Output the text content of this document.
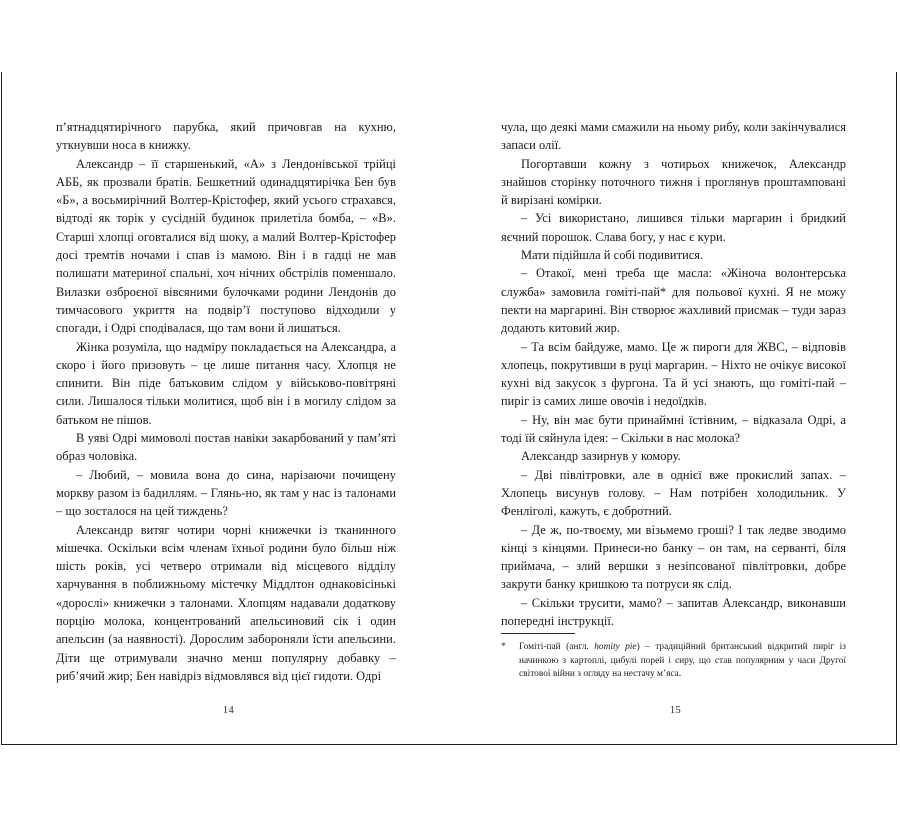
п’ятнадцятирічного парубка, який причовгав на кухню, уткнувши носа в книжку.

Александр – її старшенький, «А» з Лендонівської трійці АББ, як прозвали братів. Бешкетний одинадцятирічка Бен був «Б», а восьмирічний Волтер-Крістофер, який усього страхався, відтоді як торік у сусідній будинок прилетіла бомба, – «В». Старші хлопці оговталися від шоку, а малий Волтер-Крістофер досі тремтів ночами і спав із мамою. Він і в гадці не мав полишати материної спальні, хоч нічних обстрілів поменшало. Вилазки озброєної вівсяними булочками родини Лендонів до тимчасового укриття на подвір’ї поступово відходили у спогади, і Одрі сподівалася, що там вони й лишаться.

Жінка розуміла, що надміру покладається на Александра, а скоро і його призовуть – це лише питання часу. Хлопця не спинити. Він піде батьковим слідом у військово-повітряні сили. Лишалося тільки молитися, щоб він і в могилу слідом за батьком не пішов.

В уяві Одрі мимоволі постав навіки закарбований у пам’яті образ чоловіка.

– Любий, – мовила вона до сина, нарізаючи почищену моркву разом із бадиллям. – Глянь-но, як там у нас із талонами – що зосталося на цей тиждень?

Александр витяг чотири чорні книжечки із тканинного мішечка. Оскільки всім членам їхньої родини було більш ніж шість років, усі четверо отримали від місцевого відділу харчування в поближньому містечку Міддлтон однаковісінькі «дорослі» книжечки з талонами. Хлопцям надавали додаткову порцію молока, концентрований апельсиновий сік і один апельсин (за наявності). Дорослим забороняли їсти апельсини. Діти ще отримували значно менш популярну добавку – риб’ячий жир; Бен навідріз відмовлявся від цієї гидоти. Одрі

14

чула, що деякі мами смажили на ньому рибу, коли закінчувалися запаси олії.

Погортавши кожну з чотирьох книжечок, Александр знайшов сторінку поточного тижня і проглянув проштамповані й вирізані комірки.

– Усі використано, лишився тільки маргарин і бридкий яєчний порошок. Слава богу, у нас є кури.

Мати підійшла й собі подивитися.

– Отакої, мені треба ще масла: «Жіноча волонтерська служба» замовила гоміті-пай* для польової кухні. Я не можу пекти на маргарині. Він створює жахливий присмак – туди зараз додають китовий жир.

– Та всім байдуже, мамо. Це ж пироги для ЖВС, – відповів хлопець, покрутивши в руці маргарин. – Ніхто не очікує високої кухні від закусок з фургона. Та й усі знають, що гоміті-пай – пиріг із самих лише овочів і недоїдків.

– Ну, він має бути принаймні їстівним, – відказала Одрі, а тоді їй сяйнула ідея: – Скільки в нас молока?

Александр зазирнув у комору.

– Дві півлітровки, але в однієї вже прокислий запах. – Хлопець висунув голову. – Нам потрібен холодильник. У Фенліголі, кажуть, є добротний.

– Де ж, по-твоєму, ми візьмемо гроші? І так ледве зводимо кінці з кінцями. Принеси-но банку – он там, на серванті, біля приймача, – злий вершки з незіпсованої півлітровки, добре закрути банку кришкою та потруси як слід.

– Скільки трусити, мамо? – запитав Александр, виконавши попередні інструкції.

*	Гоміті-пай (англ. homity pie) – традиційний британський відкритий пиріг із начинкою з картоплі, цибулі порей і сиру, що став популярним у часи Другої світової війни з огляду на нестачу м’яса.
15
